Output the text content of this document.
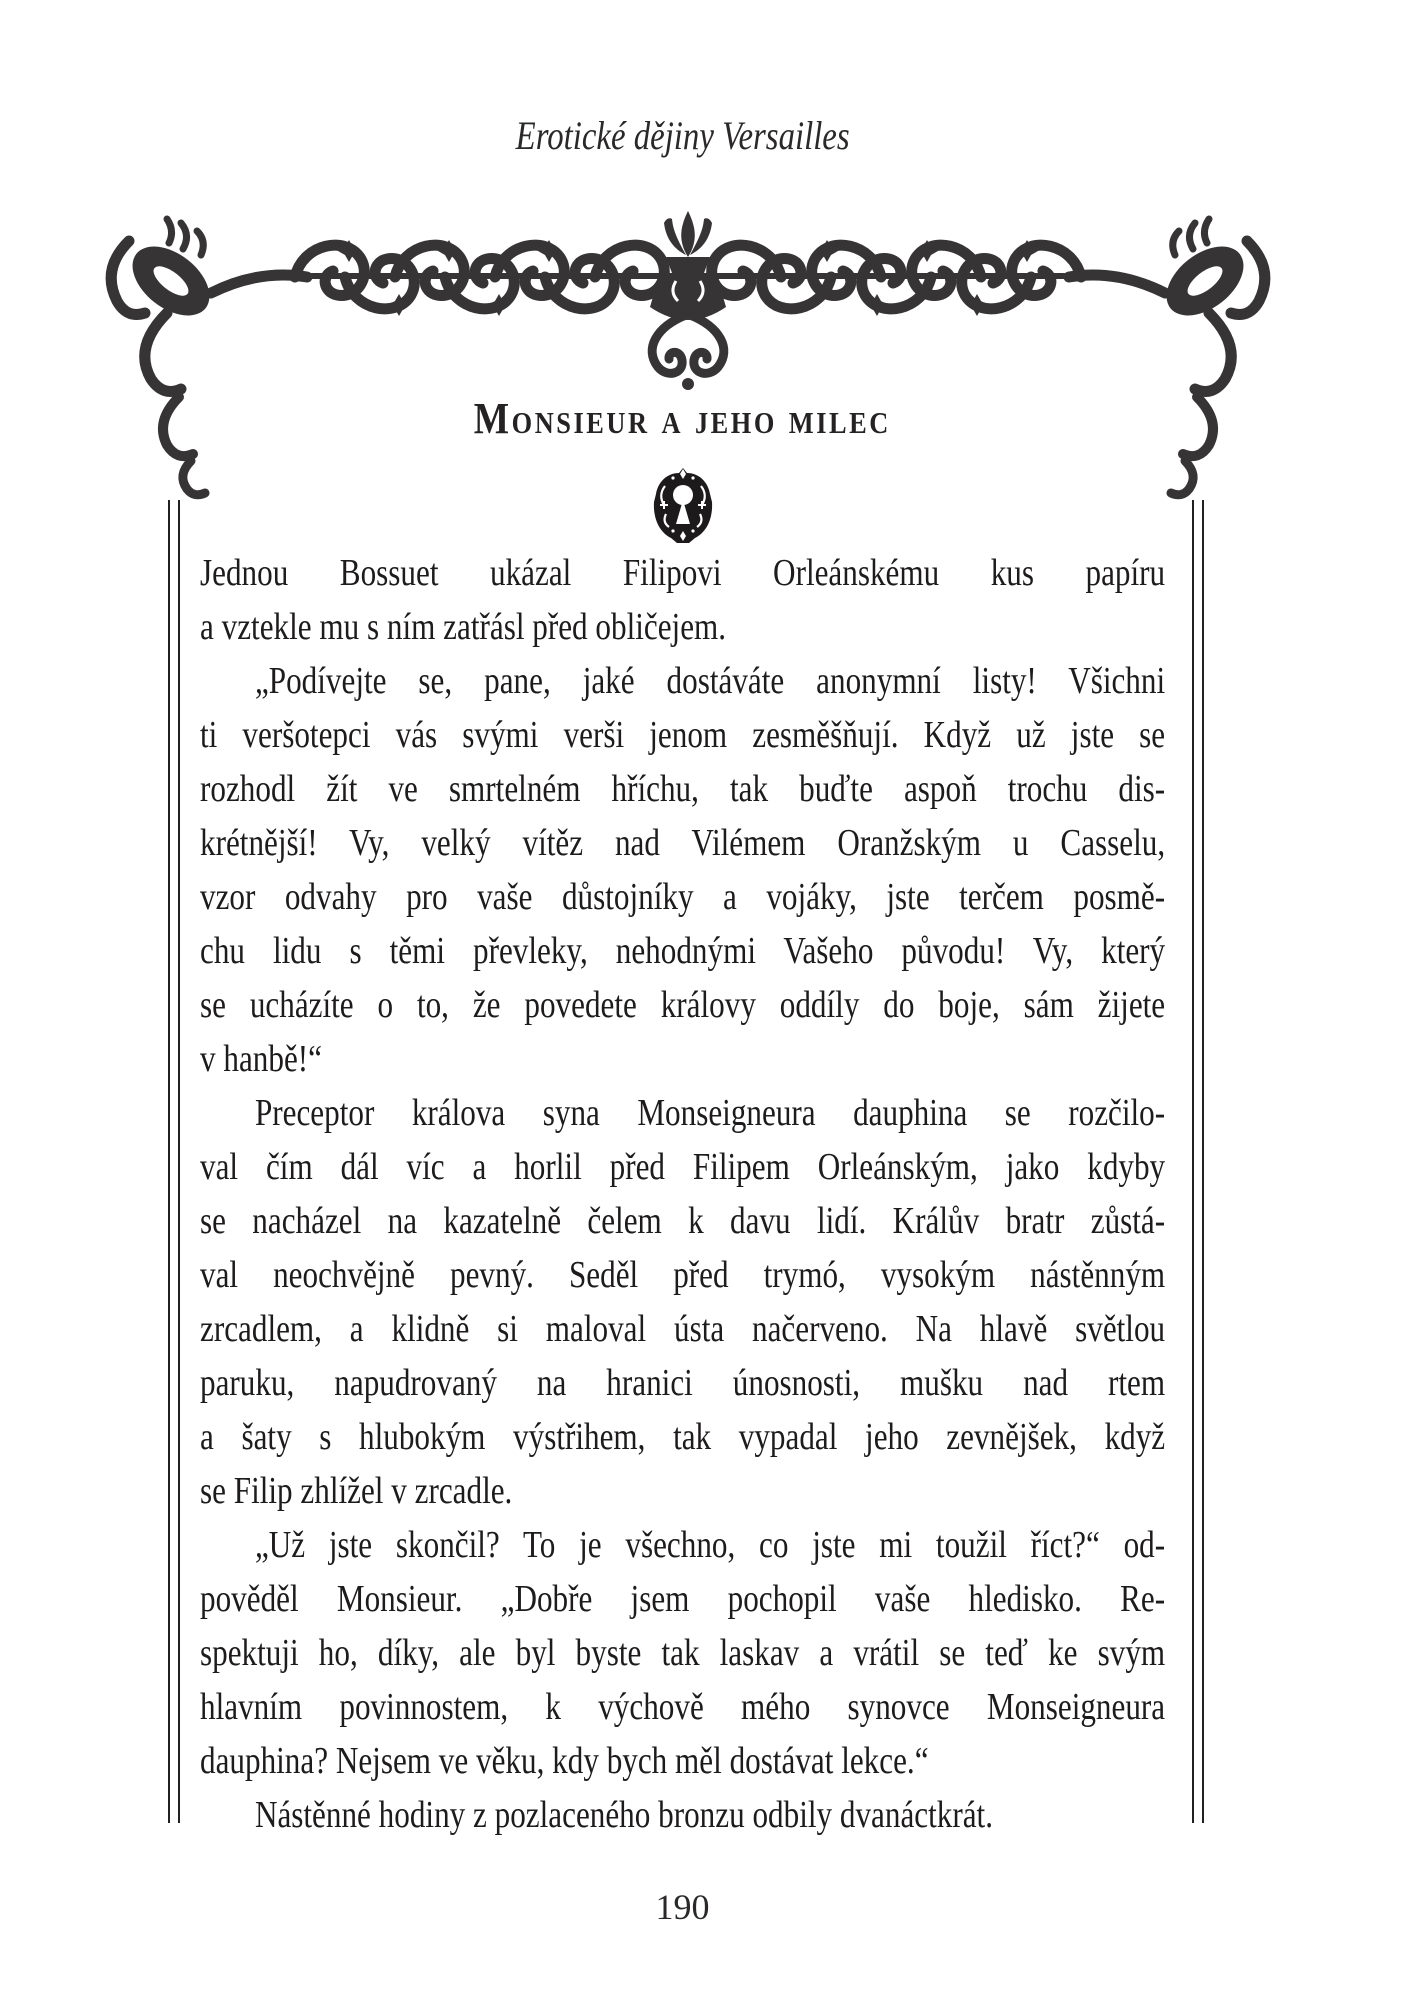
Erotické dějiny Versailles
Monsieur a jeho milec
Jednou Bossuet ukázal Filipovi Orleánskému kus papíru
a vztekle mu s ním zatřásl před obličejem.
„Podívejte se, pane, jaké dostáváte anonymní listy! Všichni
ti veršotepci vás svými verši jenom zesměšňují. Když už jste se
rozhodl žít ve smrtelném hříchu, tak buďte aspoň trochu dis-
krétnější! Vy, velký vítěz nad Vilémem Oranžským u Casselu,
vzor odvahy pro vaše důstojníky a vojáky, jste terčem posmě-
chu lidu s těmi převleky, nehodnými Vašeho původu! Vy, který
se ucházíte o to, že povedete královy oddíly do boje, sám žijete
v hanbě!“
Preceptor králova syna Monseigneura dauphina se rozčilo-
val čím dál víc a horlil před Filipem Orleánským, jako kdyby
se nacházel na kazatelně čelem k davu lidí. Králův bratr zůstá-
val neochvějně pevný. Seděl před trymó, vysokým nástěnným
zrcadlem, a klidně si maloval ústa načerveno. Na hlavě světlou
paruku, napudrovaný na hranici únosnosti, mušku nad rtem
a šaty s hlubokým výstřihem, tak vypadal jeho zevnějšek, když
se Filip zhlížel v zrcadle.
„Už jste skončil? To je všechno, co jste mi toužil říct?“ od-
pověděl Monsieur. „Dobře jsem pochopil vaše hledisko. Re-
spektuji ho, díky, ale byl byste tak laskav a vrátil se teď ke svým
hlavním povinnostem, k výchově mého synovce Monseigneura
dauphina? Nejsem ve věku, kdy bych měl dostávat lekce.“
Nástěnné hodiny z pozlaceného bronzu odbily dvanáctkrát.
190
